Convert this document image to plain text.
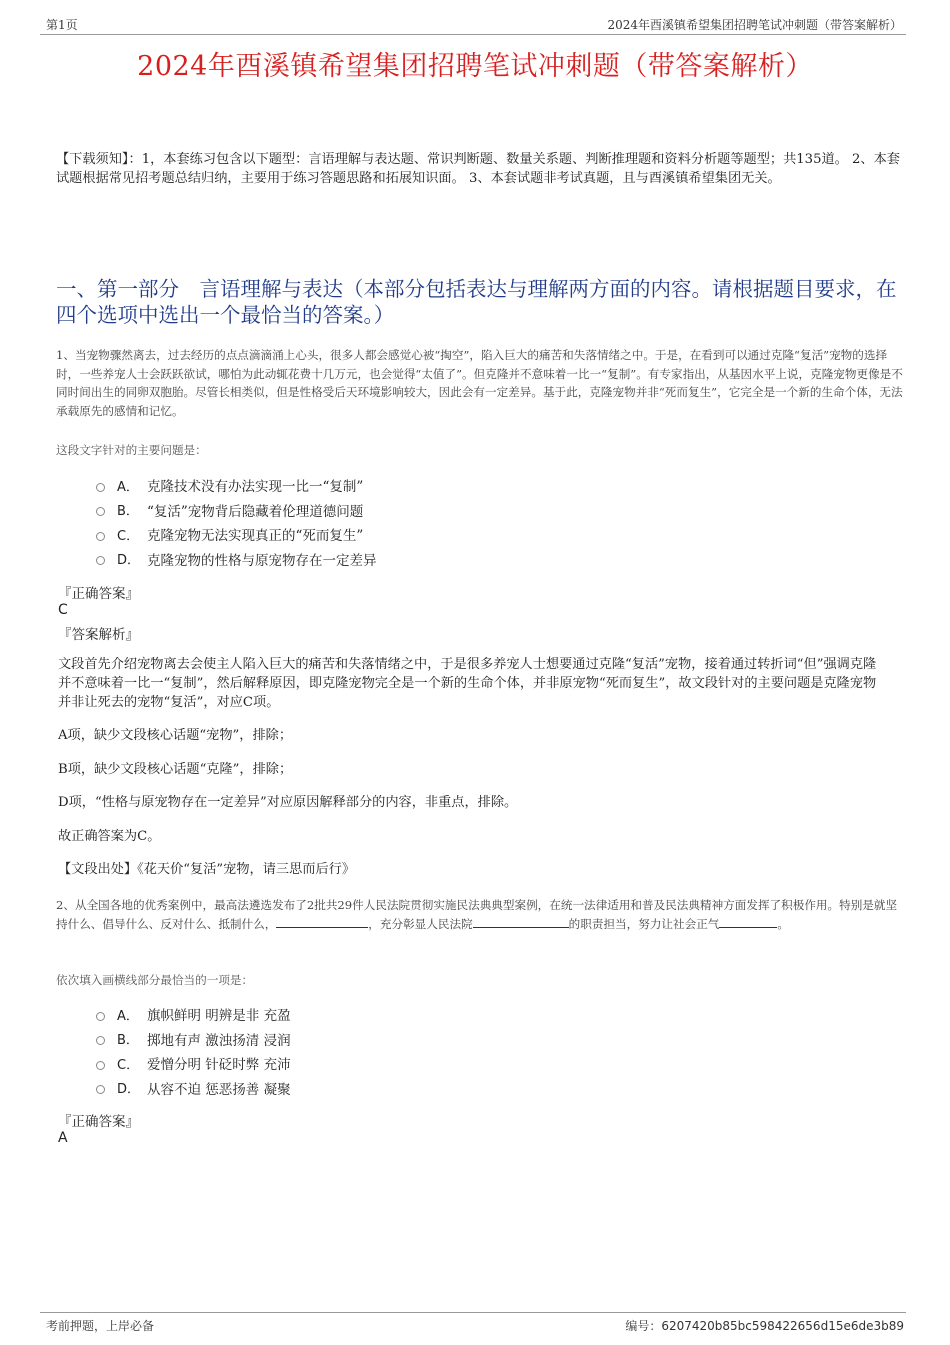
第1页	2024年酉溪镇希望集团招聘笔试冲刺题（带答案解析）
2024年酉溪镇希望集团招聘笔试冲刺题（带答案解析）
【下载须知】：1，本套练习包含以下题型：言语理解与表达题、常识判断题、数量关系题、判断推理题和资料分析题等题型；共135道。 2、本套试题根据常见招考题总结归纳，主要用于练习答题思路和拓展知识面。 3、本套试题非考试真题，且与酉溪镇希望集团无关。
一、第一部分　言语理解与表达（本部分包括表达与理解两方面的内容。请根据题目要求，在四个选项中选出一个最恰当的答案。）
1、当宠物骤然离去，过去经历的点点滴滴涌上心头，很多人都会感觉心被“掏空”，陷入巨大的痛苦和失落情绪之中。于是，在看到可以通过克隆“复活”宠物的选择时，一些养宠人士会跃跃欲试，哪怕为此动辄花费十几万元，也会觉得“太值了”。但克隆并不意味着一比一“复制”。有专家指出，从基因水平上说，克隆宠物更像是不同时间出生的同卵双胞胎。尽管长相类似，但是性格受后天环境影响较大，因此会有一定差异。基于此，克隆宠物并非“死而复生”，它完全是一个新的生命个体，无法承载原先的感情和记忆。
这段文字针对的主要问题是：
A． 克隆技术没有办法实现一比一“复制”
B． “复活”宠物背后隐藏着伦理道德问题
C． 克隆宠物无法实现真正的“死而复生”
D． 克隆宠物的性格与原宠物存在一定差异
『正确答案』
C
『答案解析』
文段首先介绍宠物离去会使主人陷入巨大的痛苦和失落情绪之中，于是很多养宠人士想要通过克隆“复活”宠物，接着通过转折词“但”强调克隆并不意味着一比一“复制”，然后解释原因，即克隆宠物完全是一个新的生命个体，并非原宠物“死而复生”，故文段针对的主要问题是克隆宠物并非让死去的宠物“复活”，对应C项。
A项，缺少文段核心话题“宠物”，排除；
B项，缺少文段核心话题“克隆”，排除；
D项，“性格与原宠物存在一定差异”对应原因解释部分的内容，非重点，排除。
故正确答案为C。
【文段出处】《花天价“复活”宠物，请三思而后行》
2、从全国各地的优秀案例中，最高法遴选发布了2批共29件人民法院贯彻实施民法典典型案例，在统一法律适用和普及民法典精神方面发挥了积极作用。特别是就坚持什么、倡导什么、反对什么、抵制什么，	，充分彰显人民法院	的职责担当，努力让社会正气	。
依次填入画横线部分最恰当的一项是：
A． 旗帜鲜明 明辨是非 充盈
B． 掷地有声 激浊扬清 浸润
C． 爱憎分明 针砭时弊 充沛
D． 从容不迫 惩恶扬善 凝聚
『正确答案』
A
考前押题，上岸必备	编号：6207420b85bc598422656d15e6de3b89
